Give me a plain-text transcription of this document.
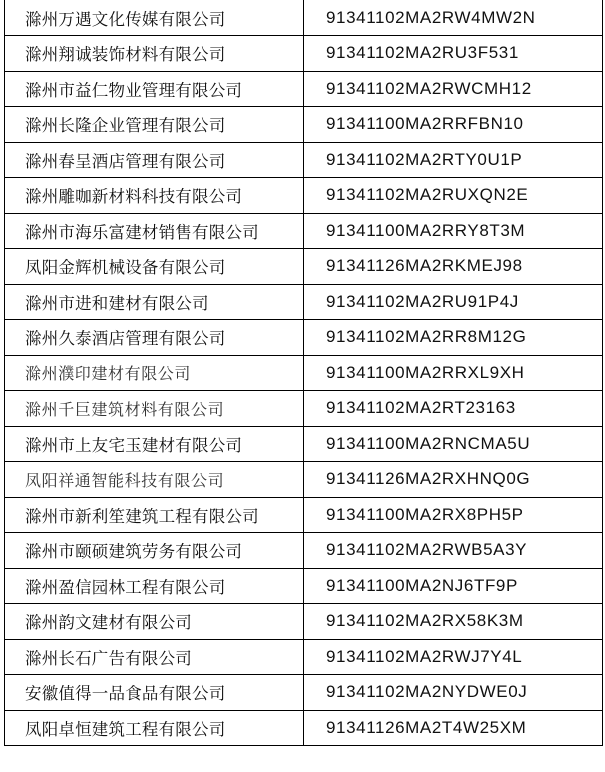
滁州万遇文化传媒有限公司	91341102MA2RW4MW2N
滁州翔诚装饰材料有限公司	91341102MA2RU3F531
滁州市益仁物业管理有限公司	91341102MA2RWCMH12
滁州长隆企业管理有限公司	91341100MA2RRFBN10
滁州春呈酒店管理有限公司	91341102MA2RTY0U1P
滁州雕咖新材料科技有限公司	91341102MA2RUXQN2E
滁州市海乐富建材销售有限公司	91341100MA2RRY8T3M
凤阳金辉机械设备有限公司	91341126MA2RKMEJ98
滁州市进和建材有限公司	91341102MA2RU91P4J
滁州久泰酒店管理有限公司	91341102MA2RR8M12G
滁州濮印建材有限公司	91341100MA2RRXL9XH
滁州千巨建筑材料有限公司	91341102MA2RT23163
滁州市上友宅玉建材有限公司	91341100MA2RNCMA5U
凤阳祥通智能科技有限公司	91341126MA2RXHNQ0G
滁州市新利笙建筑工程有限公司	91341100MA2RX8PH5P
滁州市颐硕建筑劳务有限公司	91341102MA2RWB5A3Y
滁州盈信园林工程有限公司	91341100MA2NJ6TF9P
滁州韵文建材有限公司	91341102MA2RX58K3M
滁州长石广告有限公司	91341102MA2RWJ7Y4L
安徽值得一品食品有限公司	91341102MA2NYDWE0J
凤阳卓恒建筑工程有限公司	91341126MA2T4W25XM
